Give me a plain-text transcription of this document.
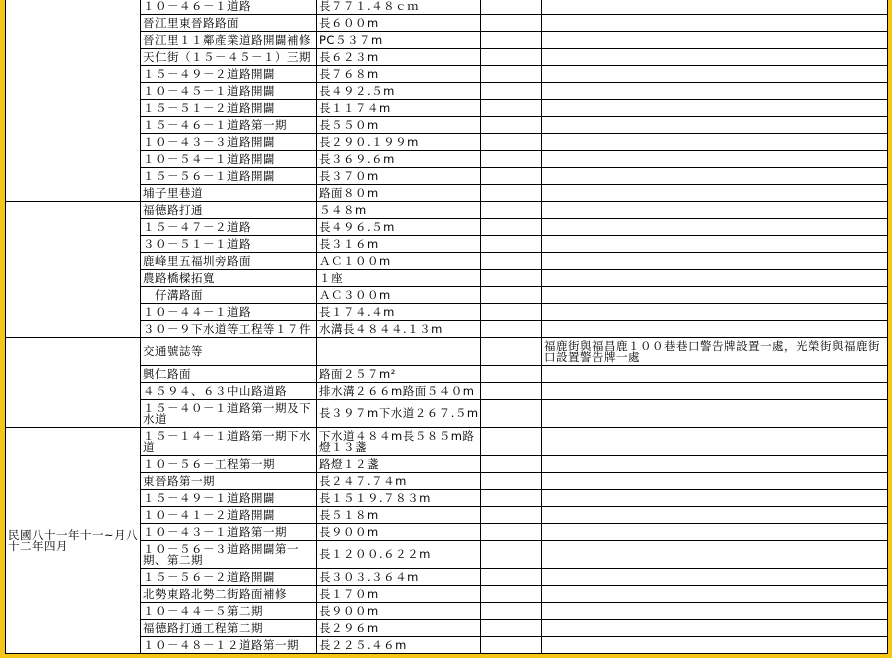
	１０－４６－１道路	長７７１.４８ｃｍ		
	晉江里東晉路路面	長６００m		
	晉江里１１鄰產業道路開闢補修	PC５３７m		
	天仁街（１５－４５－１）三期	長６２３m		
	１５－４９－２道路開闢	長７６８m		
	１０－４５－１道路開闢	長４９２.５m		
	１５－５１－２道路開闢	長１１７４m		
	１５－４６－１道路第一期	長５５０m		
	１０－４３－３道路開闢	長２９０.１９９m		
	１０－５４－１道路開闢	長３６９.６m		
	１５－５６－１道路開闢	長３７０m		
	埔子里巷道	路面８０m		
	福德路打通	５４８m		
	１５－４７－２道路	長４９６.５m		
	３０－５１－１道路	長３１６m		
	鹿峰里五福圳旁路面	ＡＣ１００m		
	農路橋樑拓寬	１座		
	　仔溝路面	ＡＣ３００m		
	１０－４４－１道路	長１７４.４m		
	３０－９下水道等工程等１７件	水溝長４８４４.１３m		
	交通號誌等			福鹿街與福昌鹿１００巷巷口警告牌設置一處，光榮街與福鹿街口設置警告牌一處
	興仁路面	路面２５７m²		
	４５９４、６３中山路道路	排水溝２６６m路面５４０m		
	１５－４０－１道路第一期及下水道	長３９７m下水道２６７.５m		
民國八十一年十一~月八十二年四月	１５－１４－１道路第一期下水道	下水道４８４m長５８５m路燈１３盞		
	１０－５６－工程第一期	路燈１２盞		
	東晉路第一期	長２４７.７４m		
	１５－４９－１道路開闢	長１５１９.７８３m		
	１０－４１－２道路開闢	長５１８m		
	１０－４３－１道路第一期	長９００m		
	１０－５６－３道路開闢第一期、第二期	長１２００.６２２m		
	１５－５６－２道路開闢	長３０３.３６４m		
	北勢東路北勢二街路面補修	長１７０m		
	１０－４４－５第二期	長９００m		
	福德路打通工程第二期	長２９６m		
	１０－４８－１２道路第一期	長２２５.４６m		
